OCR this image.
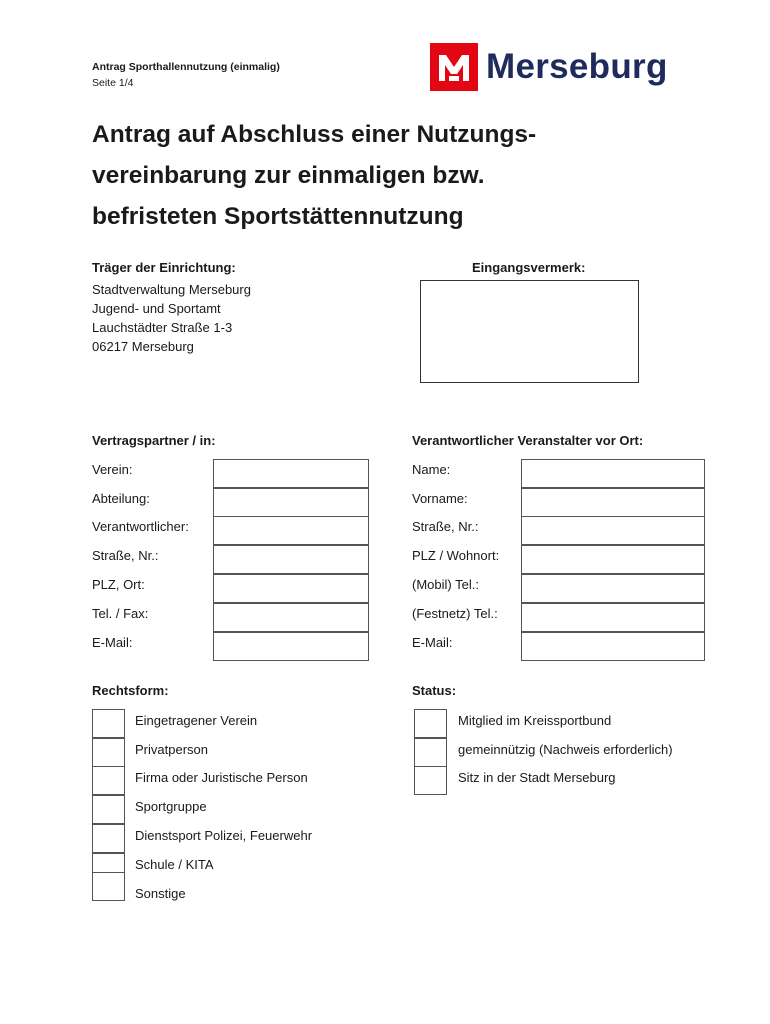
Antrag Sporthallennutzung (einmalig)
Seite 1/4	Merseburg
Antrag auf Abschluss einer Nutzungs-
vereinbarung zur einmaligen bzw.
befristeten Sportstättennutzung
Träger der Einrichtung:
Stadtverwaltung Merseburg
Jugend- und Sportamt
Lauchstädter Straße 1-3
06217 Merseburg
Eingangsvermerk:
Vertragspartner / in:
Verein:
Abteilung:
Verantwortlicher:
Straße, Nr.:
PLZ, Ort:
Tel. / Fax:
E-Mail:
Verantwortlicher Veranstalter vor Ort:
Name:
Vorname:
Straße, Nr.:
PLZ / Wohnort:
(Mobil) Tel.:
(Festnetz) Tel.:
E-Mail:
Rechtsform:
Eingetragener Verein
Privatperson
Firma oder Juristische Person
Sportgruppe
Dienstsport Polizei, Feuerwehr
Schule / KITA
Sonstige
Status:
Mitglied im Kreissportbund
gemeinnützig (Nachweis erforderlich)
Sitz in der Stadt Merseburg
